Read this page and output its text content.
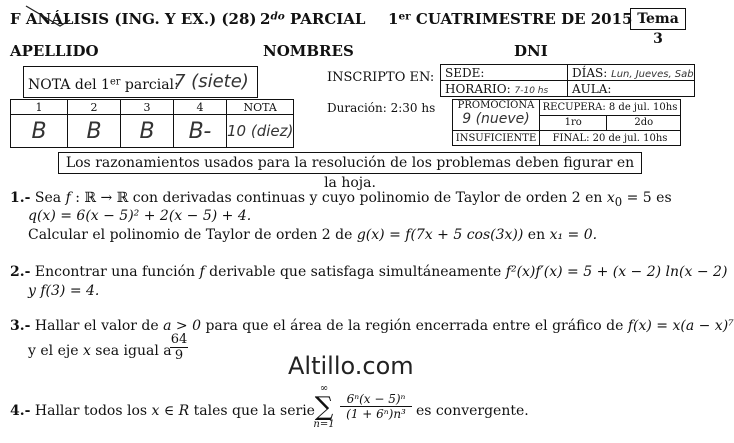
F ANÁLISIS (ING. Y EX.) (28) $2^{do}$ PARCIAL 1er CUATRIMESTRE DE 2015 Tema 3
APELLIDO	NOMBRES	DNI
NOTA del 1er parcial:
7 (siete)
1	2	3	4	NOTA
B	B	B	B-	10 (diez)
INSCRIPTO EN:
Duración: 2:30 hs
SEDE:	DÍAS: Lun, Jueves, Sab
HORARIO: 7-10 hs	AULA:
PROMOCIONA
9 (nueve)	RECUPERA: 8 de jul. 10hs	
	1ro	2do
INSUFICIENTE	FINAL: 20 de jul. 10hs	
Los razonamientos usados para la resolución de los problemas deben figurar en la hoja.
1.- Sea f : ℝ → ℝ con derivadas continuas y cuyo polinomio de Taylor de orden 2 en $x_0 = 5$ es
q(x) = 6(x − 5)² + 2(x − 5) + 4.
Calcular el polinomio de Taylor de orden 2 de g(x) = f(7x + 5 cos(3x)) en x₁ = 0.
2.- Encontrar una función f derivable que satisfaga simultáneamente f²(x)f′(x) = 5 + (x − 2) ln(x − 2)
y f(3) = 4.
3.- Hallar el valor de a > 0 para que el área de la región encerrada entre el gráfico de f(x) = x(a − x)⁷
y el eje x sea igual a
64
9	Altillo.com
4.- Hallar todos los x ∈ R tales que la serie
∞
∑
n=1
6ⁿ(x − 5)ⁿ
(1 + 6ⁿ)n³ es convergente.
